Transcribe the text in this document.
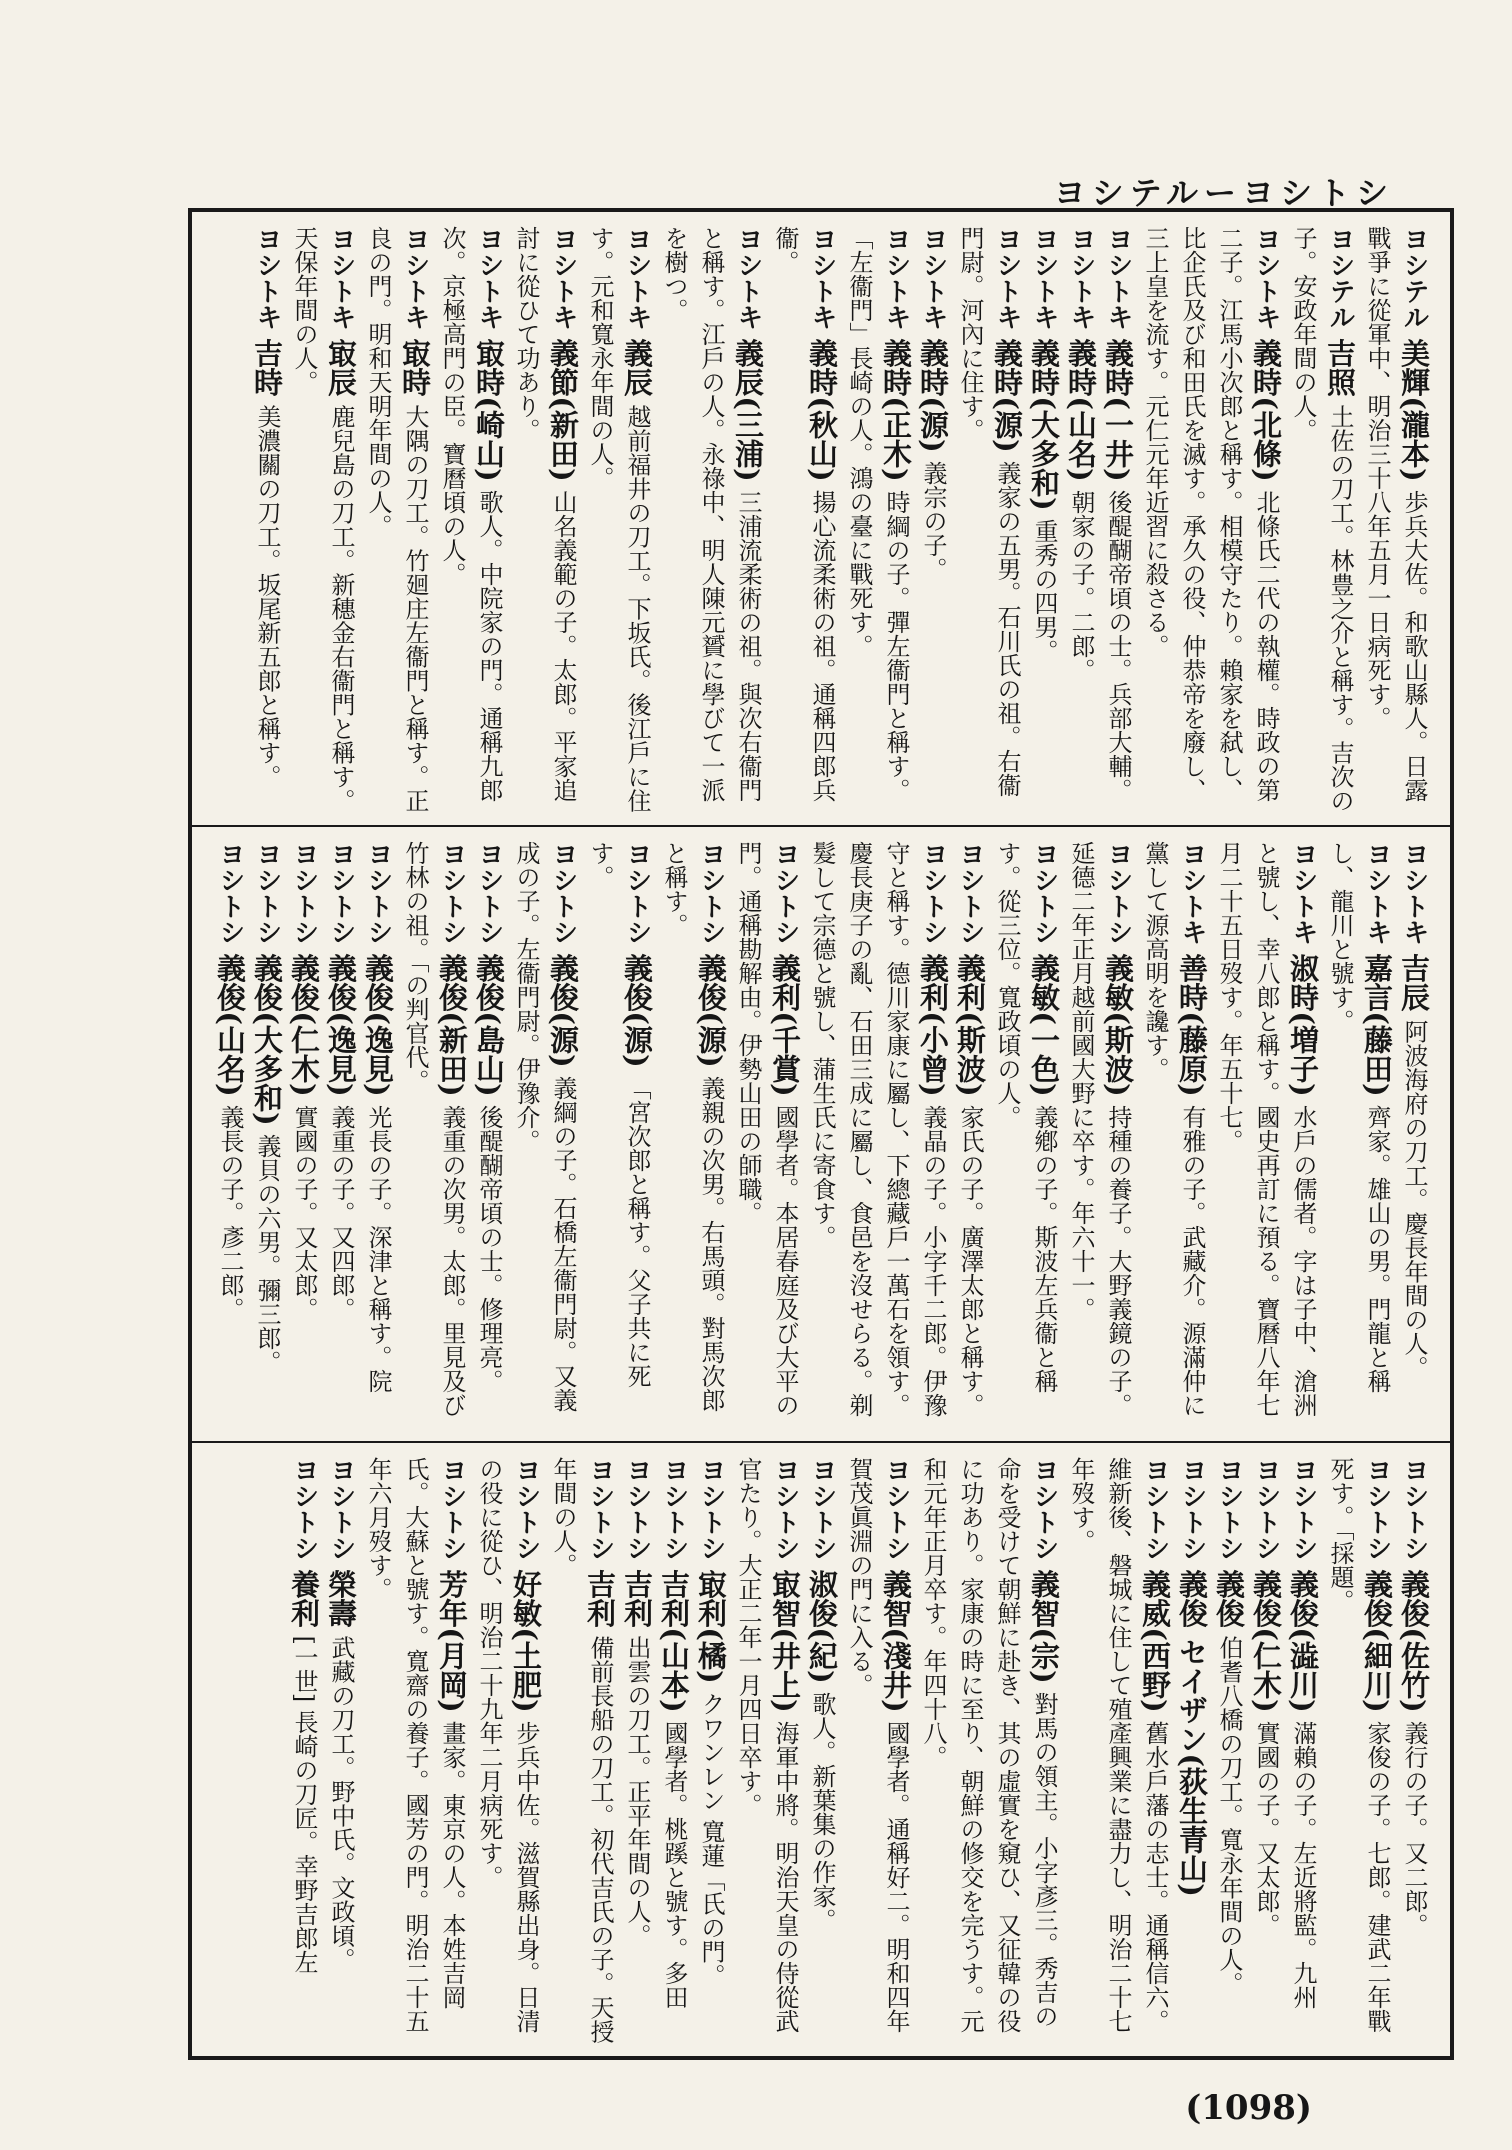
ヨシテルーヨシトシ

ヨシテル 美輝(瀧本) 歩兵大佐。和歌山縣人。日露戰爭に從軍中、明治三十八年五月一日病死す。

ヨシテル 吉照 土佐の刀工。林豊之介と稱す。吉次の子。安政年間の人。

ヨシトキ 義時(北條) 北條氏二代の執權。時政の第二子。江馬小次郎と稱す。相模守たり。賴家を弑し、比企氏及び和田氏を滅す。承久の役、仲恭帝を廢し、三上皇を流す。元仁元年近習に殺さる。

ヨシトキ 義時(一井) 後醍醐帝頃の士。兵部大輔。

ヨシトキ 義時(山名) 朝家の子。二郎。

ヨシトキ 義時(大多和) 重秀の四男。

ヨシトキ 義時(源) 義家の五男。石川氏の祖。右衞門尉。河內に住す。

ヨシトキ 義時(源) 義宗の子。

ヨシトキ 義時(正木) 時綱の子。彈左衞門と稱す。「左衞門」長崎の人。鴻の臺に戰死す。

ヨシトキ 義時(秋山) 揚心流柔術の祖。通稱四郎兵衞。

ヨシトキ 義辰(三浦) 三浦流柔術の祖。與次右衞門と稱す。江戶の人。永祿中、明人陳元贇に學びて一派を樹つ。

ヨシトキ 義辰 越前福井の刀工。下坂氏。後江戶に住す。元和寬永年間の人。

ヨシトキ 義節(新田) 山名義範の子。太郎。平家追討に從ひて功あり。

ヨシトキ 㝡時(崎山) 歌人。中院家の門。通稱九郎次。京極高門の臣。寶曆頃の人。

ヨシトキ 㝡時 大隅の刀工。竹廻庄左衞門と稱す。正良の門。明和天明年間の人。

ヨシトキ 㝡辰 鹿兒島の刀工。新穗金右衞門と稱す。天保年間の人。

ヨシトキ 吉時 美濃關の刀工。坂尾新五郎と稱す。

ヨシトキ 吉辰 阿波海府の刀工。慶長年間の人。

ヨシトキ 嘉言(藤田) 齊家。雄山の男。門龍と稱し、龍川と號す。

ヨシトキ 淑時(増子) 水戶の儒者。字は子中、滄洲と號し、幸八郎と稱す。國史再訂に預る。寶曆八年七月二十五日歿す。年五十七。

ヨシトキ 善時(藤原) 有雅の子。武藏介。源滿仲に黨して源高明を讒す。

ヨシトシ 義敏(斯波) 持種の養子。大野義鏡の子。延德二年正月越前國大野に卒す。年六十一。

ヨシトシ 義敏(一色) 義鄕の子。斯波左兵衞と稱す。從三位。寬政頃の人。

ヨシトシ 義利(斯波) 家氏の子。廣澤太郎と稱す。

ヨシトシ 義利(小曾) 義晶の子。小字千二郎。伊豫守と稱す。德川家康に屬し、下總藏戶一萬石を領す。慶長庚子の亂、石田三成に屬し、食邑を沒せらる。剃髮して宗德と號し、蒲生氏に寄食す。

ヨシトシ 義利(千賞) 國學者。本居春庭及び大平の門。通稱勘解由。伊勢山田の師職。

ヨシトシ 義俊(源) 義親の次男。右馬頭。對馬次郎と稱す。

ヨシトシ 義俊(源) 「宮次郎と稱す。父子共に死す。

ヨシトシ 義俊(源) 義綱の子。石橋左衞門尉。又義成の子。左衞門尉。伊豫介。

ヨシトシ 義俊(島山) 後醍醐帝頃の士。修理亮。

ヨシトシ 義俊(新田) 義重の次男。太郎。里見及び竹林の祖。「の判官代。

ヨシトシ 義俊(逸見) 光長の子。深津と稱す。院

ヨシトシ 義俊(逸見) 義重の子。又四郎。

ヨシトシ 義俊(仁木) 實國の子。又太郎。

ヨシトシ 義俊(大多和) 義貝の六男。彌三郎。

ヨシトシ 義俊(山名) 義長の子。彥二郎。

ヨシトシ 義俊(佐竹) 義行の子。又二郎。

ヨシトシ 義俊(細川) 家俊の子。七郎。建武二年戰死す。「採題。

ヨシトシ 義俊(澁川) 滿賴の子。左近將監。九州

ヨシトシ 義俊(仁木) 實國の子。又太郎。

ヨシトシ 義俊 伯耆八橋の刀工。寬永年間の人。

ヨシトシ 義俊 セイザン(荻生青山)

ヨシトシ 義威(西野) 舊水戶藩の志士。通稱信六。維新後、磐城に住して殖產興業に盡力し、明治二十七年歿す。

ヨシトシ 義智(宗) 對馬の領主。小字彥三。秀吉の命を受けて朝鮮に赴き、其の虛實を窺ひ、又征韓の役に功あり。家康の時に至り、朝鮮の修交を完うす。元和元年正月卒す。年四十八。

ヨシトシ 義智(淺井) 國學者。通稱好二。明和四年賀茂眞淵の門に入る。

ヨシトシ 淑俊(紀) 歌人。新葉集の作家。

ヨシトシ 㝡智(井上) 海軍中將。明治天皇の侍從武官たり。大正二年一月四日卒す。

ヨシトシ 㝡利(橘) クワンレン 寬蓮「氏の門。

ヨシトシ 吉利(山本) 國學者。桃蹊と號す。多田

ヨシトシ 吉利 出雲の刀工。正平年間の人。

ヨシトシ 吉利 備前長船の刀工。初代吉氏の子。天授年間の人。

ヨシトシ 好敏(土肥) 步兵中佐。滋賀縣出身。日清の役に從ひ、明治二十九年二月病死す。

ヨシトシ 芳年(月岡) 畫家。東京の人。本姓吉岡氏。大蘇と號す。寬齋の養子。國芳の門。明治二十五年六月歿す。

ヨシトシ 榮壽 武藏の刀工。野中氏。文政頃。

ヨシトシ 養利 [一世] 長崎の刀匠。幸野吉郎左

(1098)
